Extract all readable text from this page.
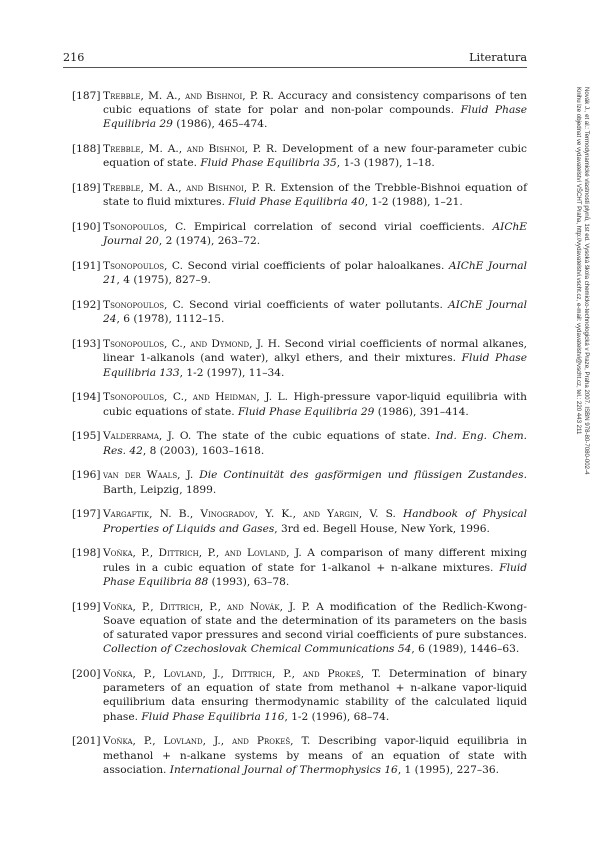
216	Literatura
[187] Trebble, M. A., and Bishnoi, P. R. Accuracy and consistency comparisons of ten cubic equations of state for polar and non-polar compounds. Fluid Phase Equilibria 29 (1986), 465–474.
[188] Trebble, M. A., and Bishnoi, P. R. Development of a new four-parameter cubic equation of state. Fluid Phase Equilibria 35, 1-3 (1987), 1–18.
[189] Trebble, M. A., and Bishnoi, P. R. Extension of the Trebble-Bishnoi equation of state to fluid mixtures. Fluid Phase Equilibria 40, 1-2 (1988), 1–21.
[190] Tsonopoulos, C. Empirical correlation of second virial coefficients. AIChE Journal 20, 2 (1974), 263–72.
[191] Tsonopoulos, C. Second virial coefficients of polar haloalkanes. AIChE Journal 21, 4 (1975), 827–9.
[192] Tsonopoulos, C. Second virial coefficients of water pollutants. AIChE Journal 24, 6 (1978), 1112–15.
[193] Tsonopoulos, C., and Dymond, J. H. Second virial coefficients of normal alkanes, linear 1-alkanols (and water), alkyl ethers, and their mixtures. Fluid Phase Equilibria 133, 1-2 (1997), 11–34.
[194] Tsonopoulos, C., and Heidman, J. L. High-pressure vapor-liquid equilibria with cubic equations of state. Fluid Phase Equilibria 29 (1986), 391–414.
[195] Valderrama, J. O. The state of the cubic equations of state. Ind. Eng. Chem. Res. 42, 8 (2003), 1603–1618.
[196] van der Waals, J. Die Continuität des gasförmigen und flüssigen Zustandes. Barth, Leipzig, 1899.
[197] Vargaftik, N. B., Vinogradov, Y. K., and Yargin, V. S. Handbook of Physical Properties of Liquids and Gases, 3rd ed. Begell House, New York, 1996.
[198] Voňka, P., Dittrich, P., and Lovland, J. A comparison of many different mixing rules in a cubic equation of state for 1-alkanol + n-alkane mixtures. Fluid Phase Equilibria 88 (1993), 63–78.
[199] Voňka, P., Dittrich, P., and Novák, J. P. A modification of the Redlich-Kwong-Soave equation of state and the determination of its parameters on the basis of saturated vapor pressures and second virial coefficients of pure substances. Collection of Czechoslovak Chemical Communications 54, 6 (1989), 1446–63.
[200] Voňka, P., Lovland, J., Dittrich, P., and Prokeš, T. Determination of binary parameters of an equation of state from methanol + n-alkane vapor-liquid equilibrium data ensuring thermodynamic stability of the calculated liquid phase. Fluid Phase Equilibria 116, 1-2 (1996), 68–74.
[201] Voňka, P., Lovland, J., and Prokeš, T. Describing vapor-liquid equilibria in methanol + n-alkane systems by means of an equation of state with association. International Journal of Thermophysics 16, 1 (1995), 227–36.
Novák J., et al.: Termodynamické vlastnosti plynů, 1st ed. Vysoká škola chemicko-technologická v Praze, Praha 2007. ISBN 978-80-7080-002-4
Knihu lze objednat ve vydavatelství VŠCHT Praha, http://vydavatelstvi.vscht.cz, e-mail: vydavatelstvi@vscht.cz, tel.: 220 443 211
